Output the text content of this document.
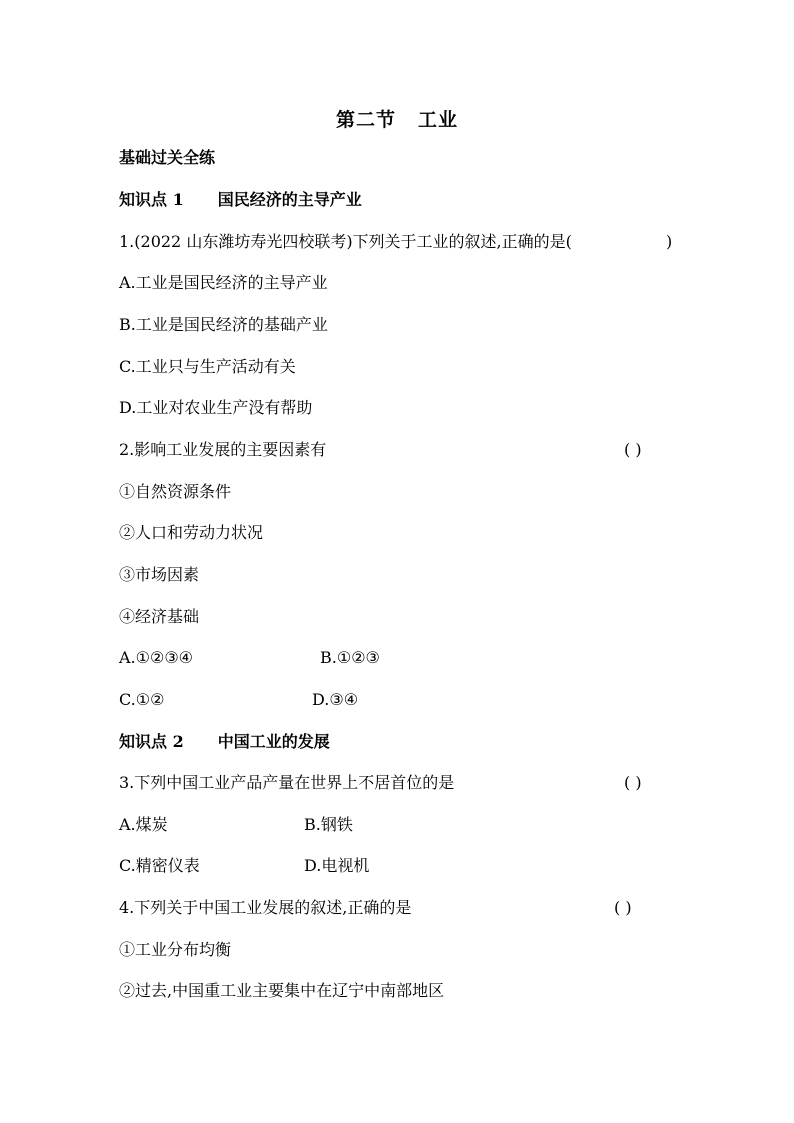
第二节 工业
基础过关全练
知识点 1 国民经济的主导产业
1.(2022 山东潍坊寿光四校联考)下列关于工业的叙述,正确的是(	)
A.工业是国民经济的主导产业
B.工业是国民经济的基础产业
C.工业只与生产活动有关
D.工业对农业生产没有帮助
2.影响工业发展的主要因素有	( )
①自然资源条件
②人口和劳动力状况
③市场因素
④经济基础
A.①②③④	B.①②③
C.①②	D.③④
知识点 2 中国工业的发展
3.下列中国工业产品产量在世界上不居首位的是	( )
A.煤炭	B.钢铁
C.精密仪表	D.电视机
4.下列关于中国工业发展的叙述,正确的是	( )
①工业分布均衡
②过去,中国重工业主要集中在辽宁中南部地区
